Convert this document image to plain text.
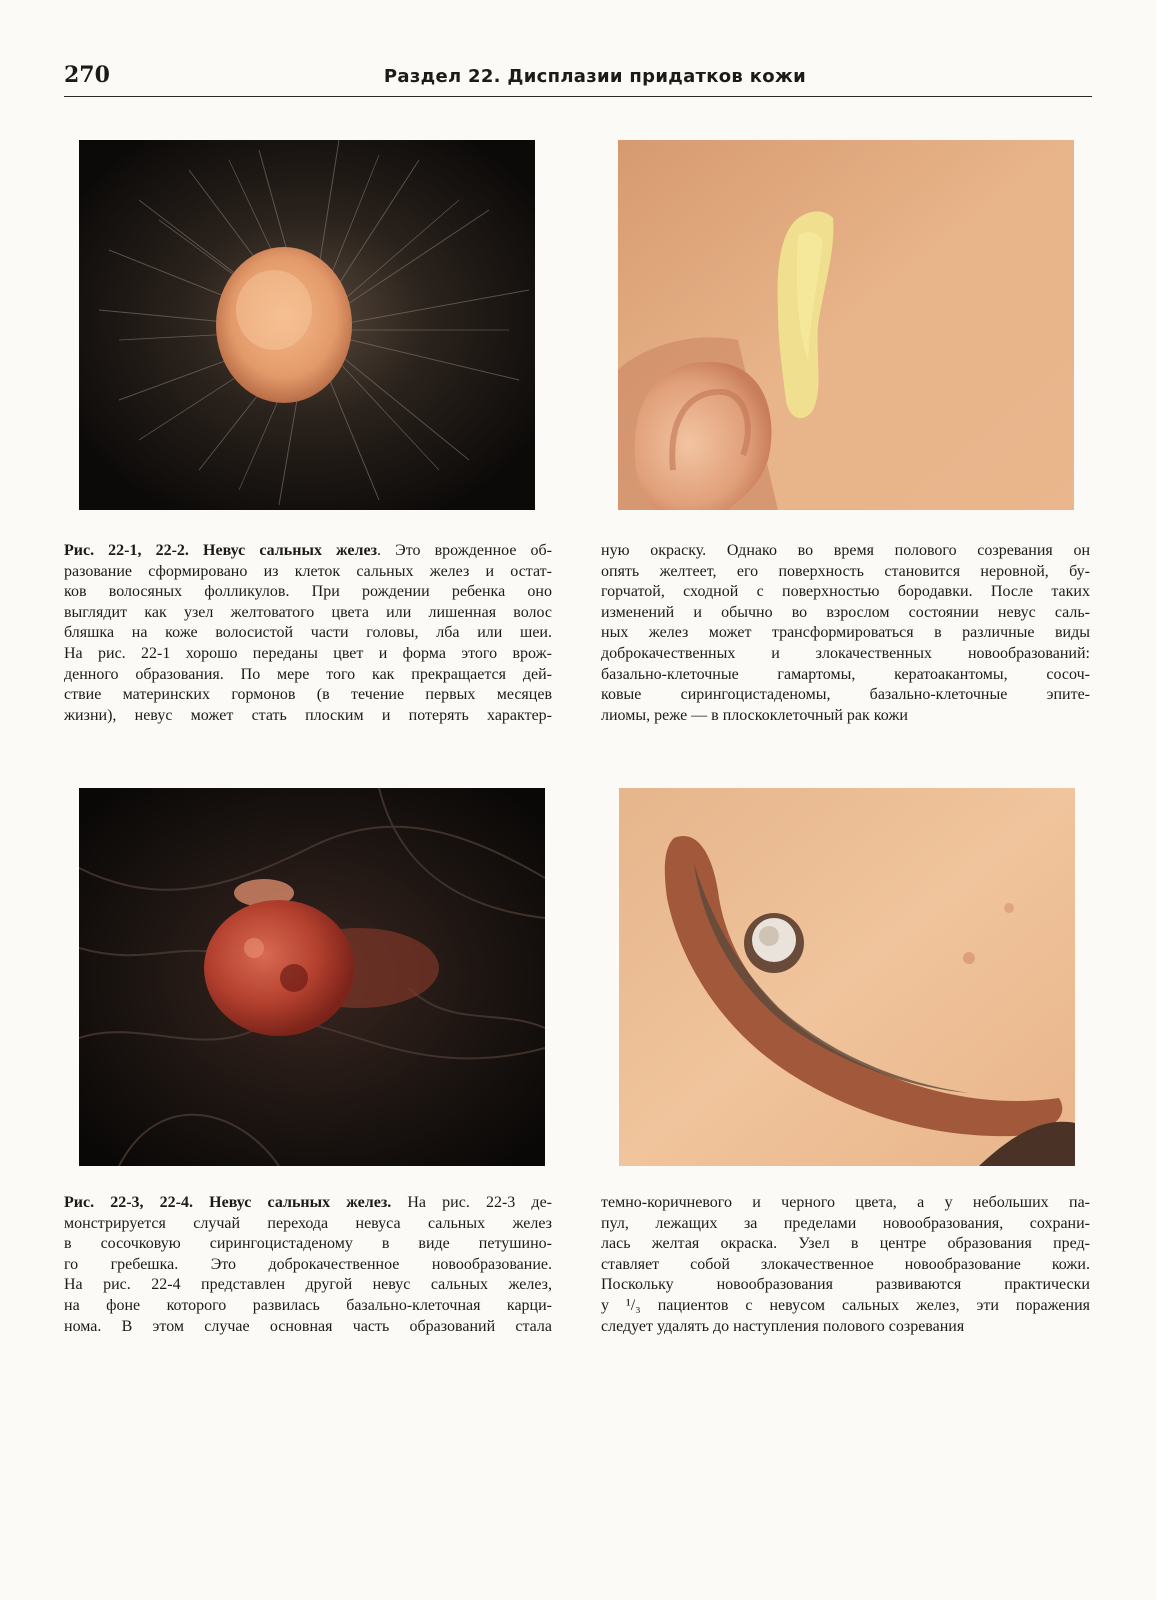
270	Раздел 22. Дисплазии придатков кожи
Рис. 22-1, 22-2. Невус сальных желез. Это врожденное об-
разование сформировано из клеток сальных желез и остат-
ков волосяных фолликулов. При рождении ребенка оно
выглядит как узел желтоватого цвета или лишенная волос
бляшка на коже волосистой части головы, лба или шеи.
На рис. 22-1 хорошо переданы цвет и форма этого врож-
денного образования. По мере того как прекращается дей-
ствие материнских гормонов (в течение первых месяцев
жизни), невус может стать плоским и потерять характер-
ную окраску. Однако во время полового созревания он
опять желтеет, его поверхность становится неровной, бу-
горчатой, сходной с поверхностью бородавки. После таких
изменений и обычно во взрослом состоянии невус саль-
ных желез может трансформироваться в различные виды
доброкачественных и злокачественных новообразований:
базально-клеточные гамартомы, кератоакантомы, сосоч-
ковые сирингоцистаденомы, базально-клеточные эпите-
лиомы, реже — в плоскоклеточный рак кожи
Рис. 22-3, 22-4. Невус сальных желез. На рис. 22-3 де-
монстрируется случай перехода невуса сальных желез
в сосочковую сирингоцистаденому в виде петушино-
го гребешка. Это доброкачественное новообразование.
На рис. 22-4 представлен другой невус сальных желез,
на фоне которого развилась базально-клеточная карци-
нома. В этом случае основная часть образований стала
темно-коричневого и черного цвета, а у небольших па-
пул, лежащих за пределами новообразования, сохрани-
лась желтая окраска. Узел в центре образования пред-
ставляет собой злокачественное новообразование кожи.
Поскольку новообразования развиваются практически
у ¹/₃ пациентов с невусом сальных желез, эти поражения
следует удалять до наступления полового созревания
